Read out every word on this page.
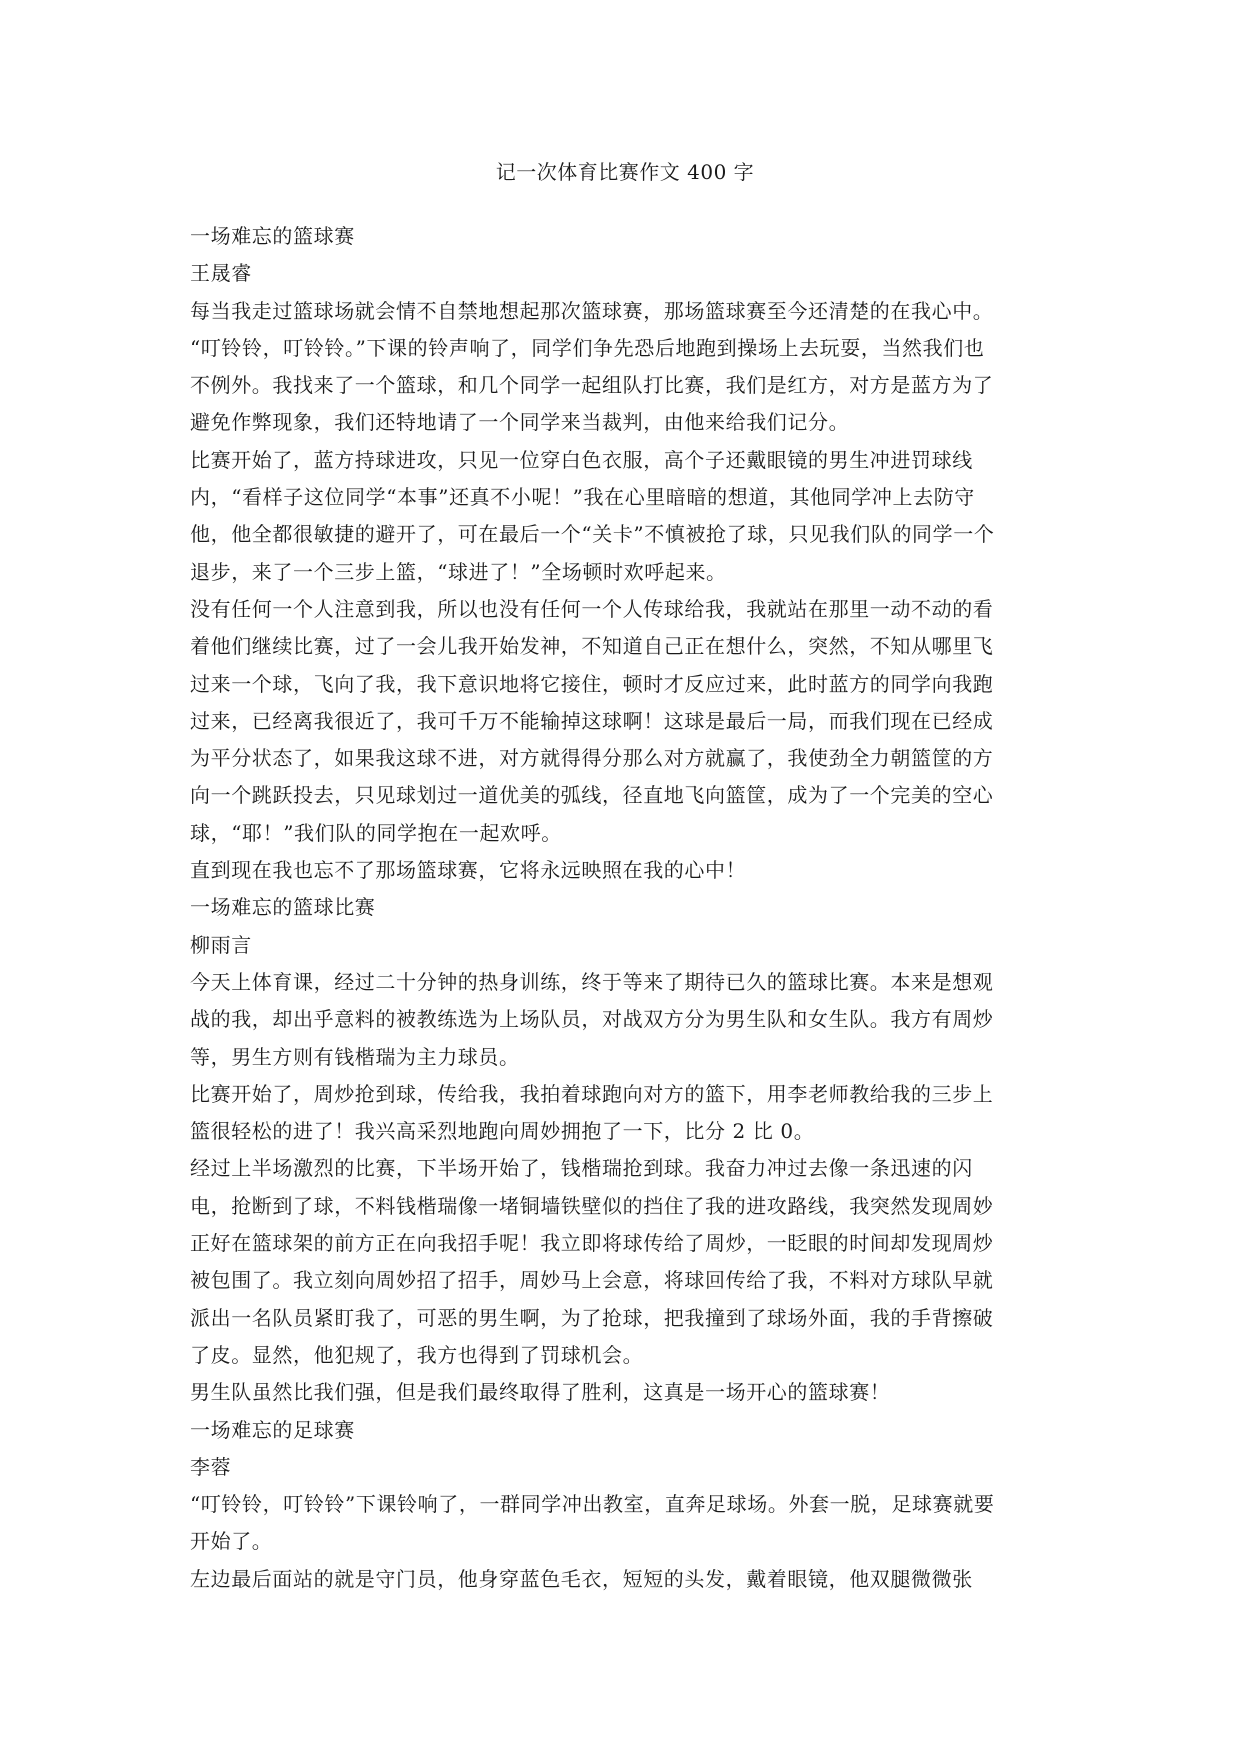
记一次体育比赛作文 400 字

一场难忘的篮球赛

王晟睿

每当我走过篮球场就会情不自禁地想起那次篮球赛，那场篮球赛至今还清楚的在我心中。

“叮铃铃，叮铃铃。”下课的铃声响了，同学们争先恐后地跑到操场上去玩耍，当然我们也

不例外。我找来了一个篮球，和几个同学一起组队打比赛，我们是红方，对方是蓝方为了

避免作弊现象，我们还特地请了一个同学来当裁判，由他来给我们记分。

比赛开始了，蓝方持球进攻，只见一位穿白色衣服，高个子还戴眼镜的男生冲进罚球线

内，“看样子这位同学“本事”还真不小呢！”我在心里暗暗的想道，其他同学冲上去防守

他，他全都很敏捷的避开了，可在最后一个“关卡”不慎被抢了球，只见我们队的同学一个

退步，来了一个三步上篮，“球进了！”全场顿时欢呼起来。

没有任何一个人注意到我，所以也没有任何一个人传球给我，我就站在那里一动不动的看

着他们继续比赛，过了一会儿我开始发神，不知道自己正在想什么，突然，不知从哪里飞

过来一个球，飞向了我，我下意识地将它接住，顿时才反应过来，此时蓝方的同学向我跑

过来，已经离我很近了，我可千万不能输掉这球啊！这球是最后一局，而我们现在已经成

为平分状态了，如果我这球不进，对方就得得分那么对方就赢了，我使劲全力朝篮筐的方

向一个跳跃投去，只见球划过一道优美的弧线，径直地飞向篮筐，成为了一个完美的空心

球，“耶！”我们队的同学抱在一起欢呼。

直到现在我也忘不了那场篮球赛，它将永远映照在我的心中！

一场难忘的篮球比赛

柳雨言

今天上体育课，经过二十分钟的热身训练，终于等来了期待已久的篮球比赛。本来是想观

战的我，却出乎意料的被教练选为上场队员，对战双方分为男生队和女生队。我方有周炒

等，男生方则有钱楷瑞为主力球员。

比赛开始了，周炒抢到球，传给我，我拍着球跑向对方的篮下，用李老师教给我的三步上

篮很轻松的进了！我兴高采烈地跑向周妙拥抱了一下，比分 2 比 0。

经过上半场激烈的比赛，下半场开始了，钱楷瑞抢到球。我奋力冲过去像一条迅速的闪

电，抢断到了球，不料钱楷瑞像一堵铜墙铁壁似的挡住了我的进攻路线，我突然发现周妙

正好在篮球架的前方正在向我招手呢！我立即将球传给了周炒，一眨眼的时间却发现周炒

被包围了。我立刻向周妙招了招手，周妙马上会意，将球回传给了我，不料对方球队早就

派出一名队员紧盯我了，可恶的男生啊，为了抢球，把我撞到了球场外面，我的手背擦破

了皮。显然，他犯规了，我方也得到了罚球机会。

男生队虽然比我们强，但是我们最终取得了胜利，这真是一场开心的篮球赛！

一场难忘的足球赛

李蓉

“叮铃铃，叮铃铃”下课铃响了，一群同学冲出教室，直奔足球场。外套一脱，足球赛就要

开始了。

左边最后面站的就是守门员，他身穿蓝色毛衣，短短的头发，戴着眼镜，他双腿微微张
